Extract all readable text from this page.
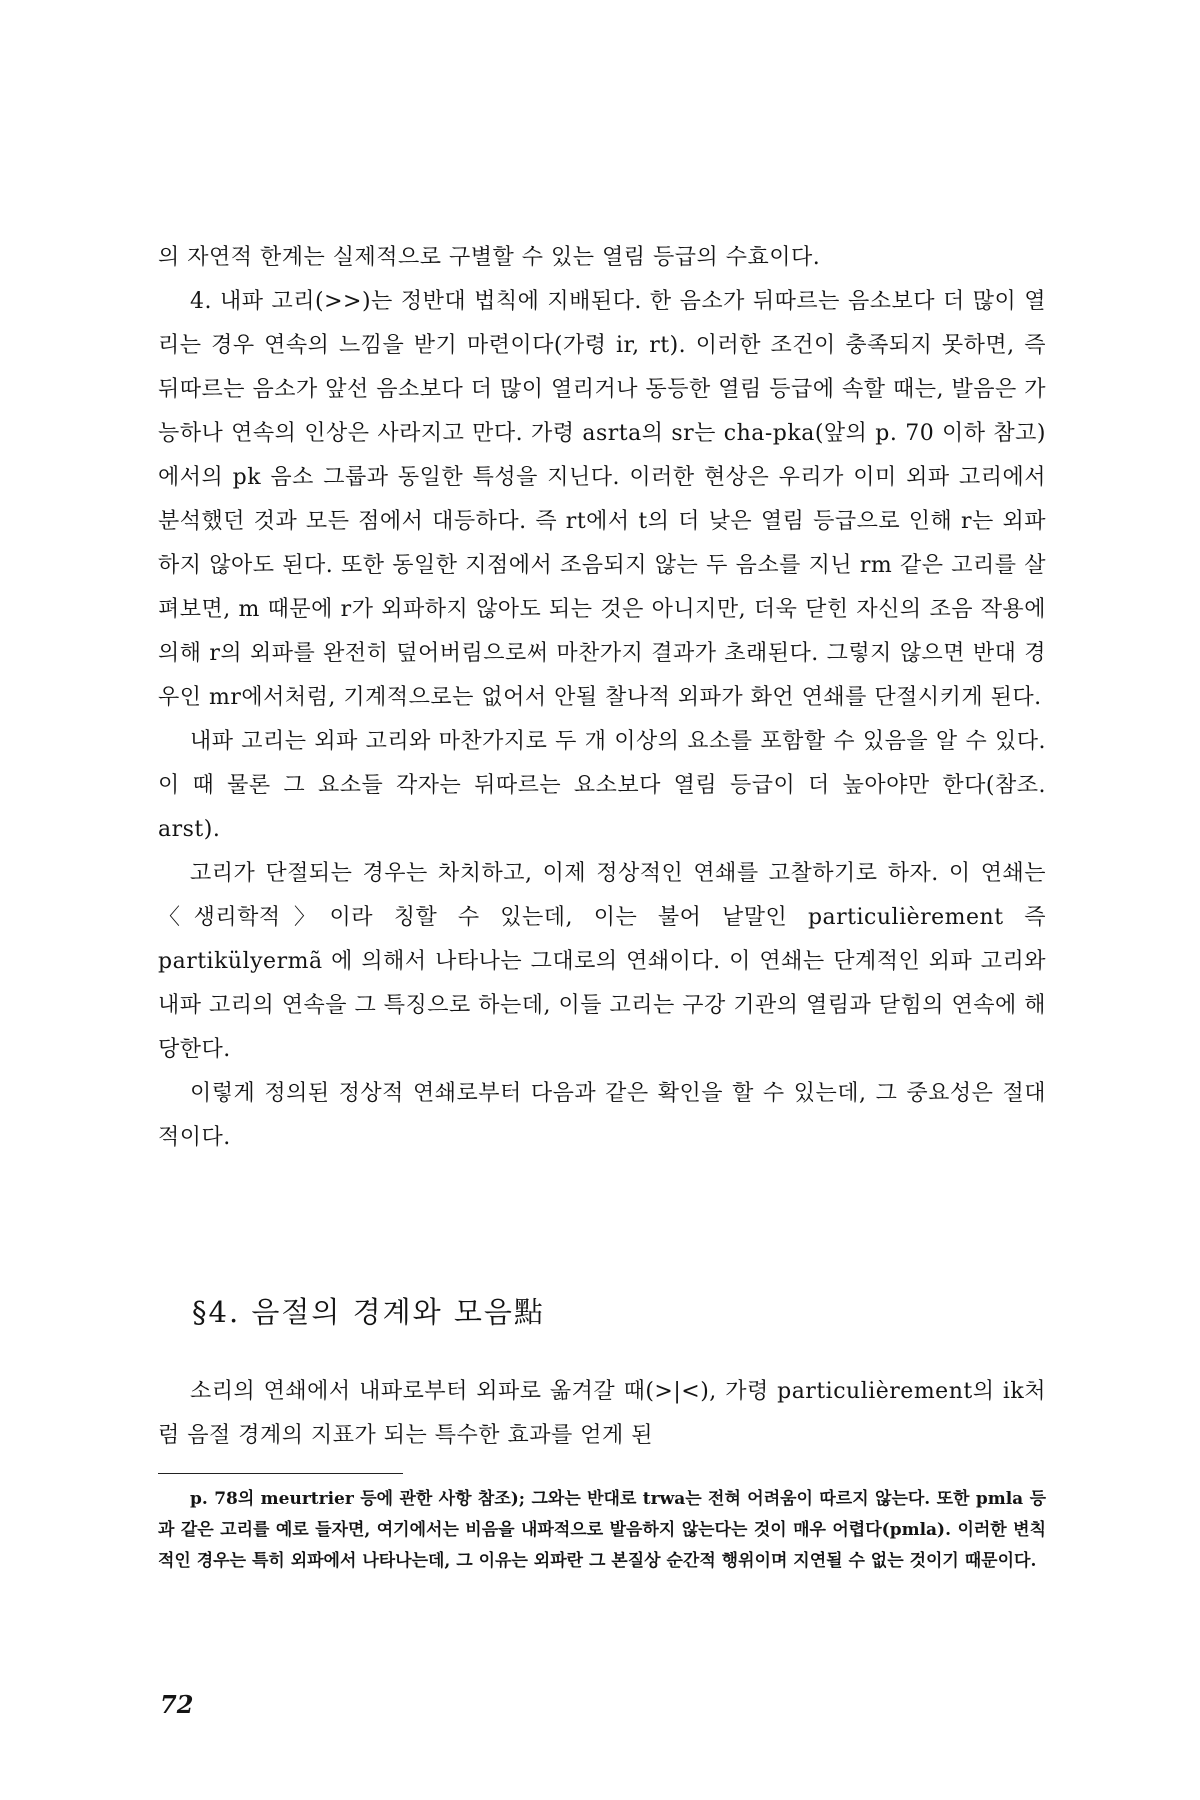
의 자연적 한계는 실제적으로 구별할 수 있는 열림 등급의 수효이다.

4. 내파 고리(>>)는 정반대 법칙에 지배된다. 한 음소가 뒤따르는 음소보다 더 많이 열리는 경우 연속의 느낌을 받기 마련이다(가령 ir, rt). 이러한 조건이 충족되지 못하면, 즉 뒤따르는 음소가 앞선 음소보다 더 많이 열리거나 동등한 열림 등급에 속할 때는, 발음은 가능하나 연속의 인상은 사라지고 만다. 가령 asrta의 sr는 cha-pka(앞의 p. 70 이하 참고)에서의 pk 음소 그룹과 동일한 특성을 지닌다. 이러한 현상은 우리가 이미 외파 고리에서 분석했던 것과 모든 점에서 대등하다. 즉 rt에서 t의 더 낮은 열림 등급으로 인해 r는 외파하지 않아도 된다. 또한 동일한 지점에서 조음되지 않는 두 음소를 지닌 rm 같은 고리를 살펴보면, m 때문에 r가 외파하지 않아도 되는 것은 아니지만, 더욱 닫힌 자신의 조음 작용에 의해 r의 외파를 완전히 덮어버림으로써 마찬가지 결과가 초래된다. 그렇지 않으면 반대 경우인 mr에서처럼, 기계적으로는 없어서 안될 찰나적 외파가 화언 연쇄를 단절시키게 된다.

내파 고리는 외파 고리와 마찬가지로 두 개 이상의 요소를 포함할 수 있음을 알 수 있다. 이 때 물론 그 요소들 각자는 뒤따르는 요소보다 열림 등급이 더 높아야만 한다(참조. arst).

고리가 단절되는 경우는 차치하고, 이제 정상적인 연쇄를 고찰하기로 하자. 이 연쇄는 〈생리학적〉이라 칭할 수 있는데, 이는 불어 낱말인 particulièrement 즉 partikülyermã 에 의해서 나타나는 그대로의 연쇄이다. 이 연쇄는 단계적인 외파 고리와 내파 고리의 연속을 그 특징으로 하는데, 이들 고리는 구강 기관의 열림과 닫힘의 연속에 해당한다.

이렇게 정의된 정상적 연쇄로부터 다음과 같은 확인을 할 수 있는데, 그 중요성은 절대적이다.

§4. 음절의 경계와 모음點

소리의 연쇄에서 내파로부터 외파로 옮겨갈 때(>|<), 가령 particulièrement의 ik처럼 음절 경계의 지표가 되는 특수한 효과를 얻게 된

p. 78의 meurtrier 등에 관한 사항 참조); 그와는 반대로 trwa는 전혀 어려움이 따르지 않는다. 또한 pmla 등과 같은 고리를 예로 들자면, 여기에서는 비음을 내파적으로 발음하지 않는다는 것이 매우 어렵다(pmla). 이러한 변칙적인 경우는 특히 외파에서 나타나는데, 그 이유는 외파란 그 본질상 순간적 행위이며 지연될 수 없는 것이기 때문이다.

72
